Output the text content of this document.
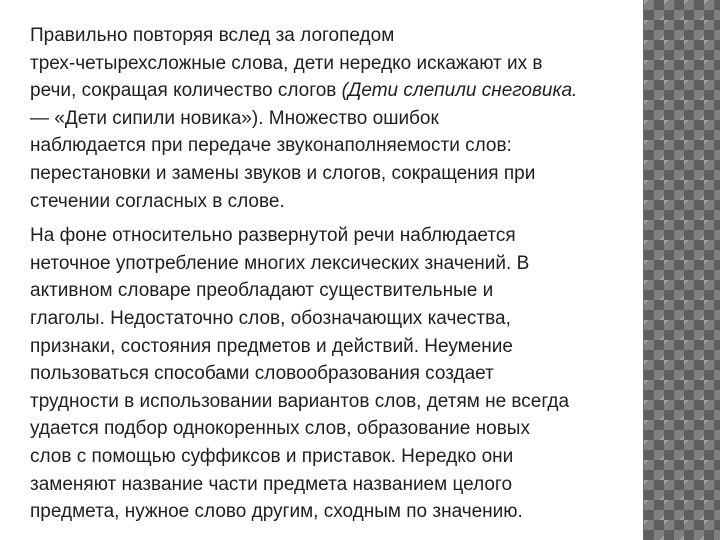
Правильно повторяя вслед за логопедом
трех-четырехсложные слова, дети нередко искажают их в
речи, сокращая количество слогов (Дети слепили снеговика.
— «Дети сипили новика»). Множество ошибок
наблюдается при передаче звуконаполняемости слов:
перестановки и замены звуков и слогов, сокращения при
стечении согласных в слове.

На фоне относительно развернутой речи наблюдается
неточное употребление многих лексических значений. В
активном словаре преобладают существительные и
глаголы. Недостаточно слов, обозначающих качества,
признаки, состояния предметов и действий. Неумение
пользоваться способами словообразования создает
трудности в использовании вариантов слов, детям не всегда
удается подбор однокоренных слов, образование новых
слов с помощью суффиксов и приставок. Нередко они
заменяют название части предмета названием целого
предмета, нужное слово другим, сходным по значению.
